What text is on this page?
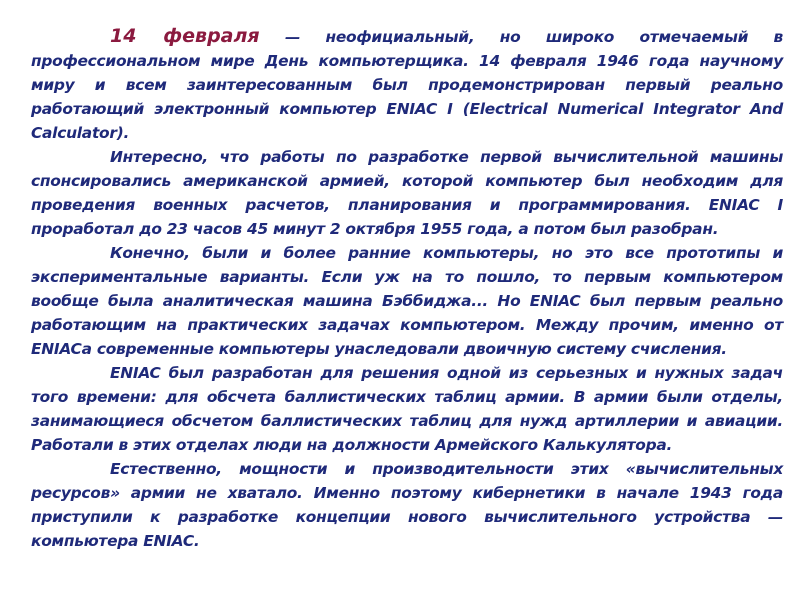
14 февраля — неофициальный, но широко отмечаемый в профессиональном мире День компьютерщика. 14 февраля 1946 года научному миру и всем заинтересованным был продемонстрирован первый реально работающий электронный компьютер ENIAC I (Electrical Numerical Integrator And Calculator).

Интересно, что работы по разработке первой вычислительной машины спонсировались американской армией, которой компьютер был необходим для проведения военных расчетов, планирования и программирования. ENIAC I проработал до 23 часов 45 минут 2 октября 1955 года, а потом был разобран.

Конечно, были и более ранние компьютеры, но это все прототипы и экспериментальные варианты. Если уж на то пошло, то первым компьютером вообще была аналитическая машина Бэббиджа... Но ENIAC был первым реально работающим на практических задачах компьютером. Между прочим, именно от ENIACа современные компьютеры унаследовали двоичную систему счисления.

ENIAC был разработан для решения одной из серьезных и нужных задач того времени: для обсчета баллистических таблиц армии. В армии были отделы, занимающиеся обсчетом баллистических таблиц для нужд артиллерии и авиации. Работали в этих отделах люди на должности Армейского Калькулятора.

Естественно, мощности и производительности этих «вычислительных ресурсов» армии не хватало. Именно поэтому кибернетики в начале 1943 года приступили к разработке концепции нового вычислительного устройства — компьютера ENIAC.
